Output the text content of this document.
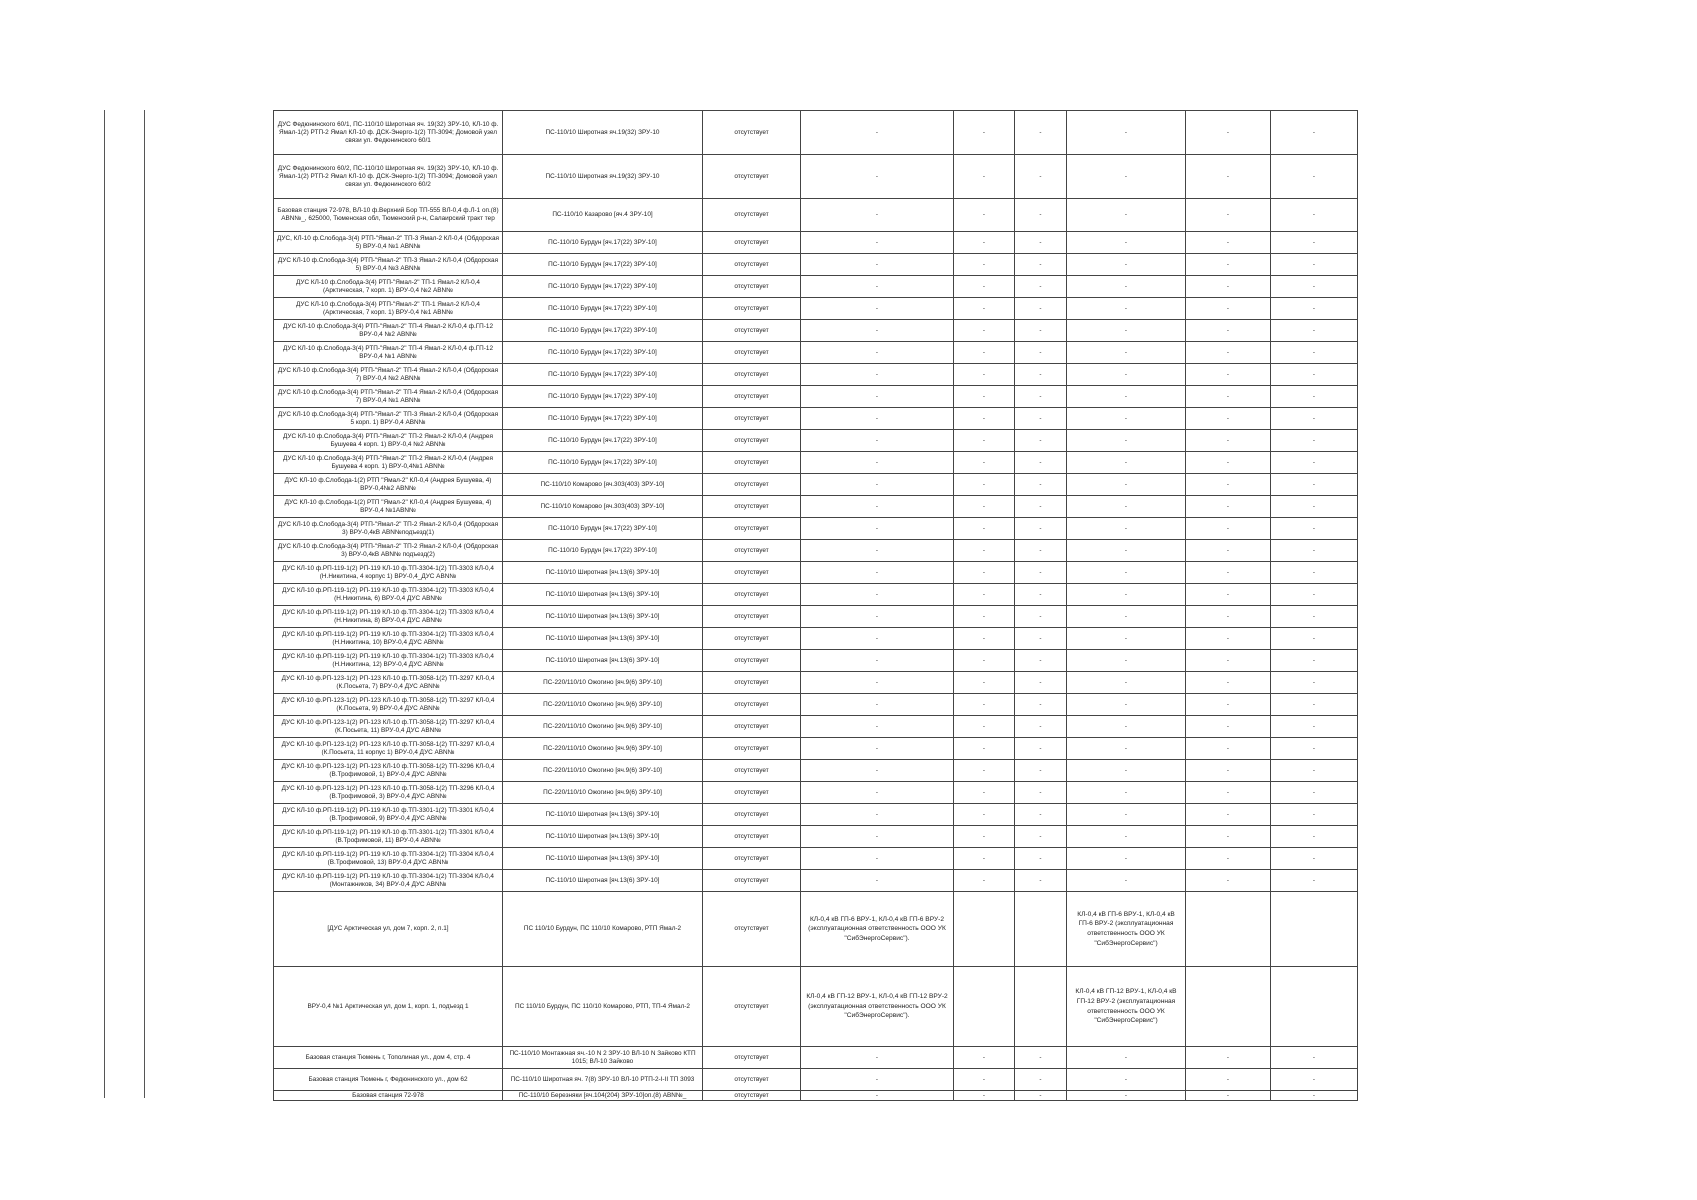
ДУС Федюнинского 60/1, ПС-110/10 Широтная яч. 19(32) ЗРУ-10, КЛ-10 ф. Ямал-1(2) РТП-2 Ямал КЛ-10 ф. ДСК-Энерго-1(2) ТП-3094; Домовой узел связи ул. Федюнинского 60/1	ПС-110/10 Широтная яч.19(32) ЗРУ-10	отсутствует	-	-	-	-	-	-
ДУС Федюнинского 60/2, ПС-110/10 Широтная яч. 19(32) ЗРУ-10, КЛ-10 ф. Ямал-1(2) РТП-2 Ямал КЛ-10 ф. ДСК-Энерго-1(2) ТП-3094; Домовой узел связи ул. Федюнинского 60/2	ПС-110/10 Широтная яч.19(32) ЗРУ-10	отсутствует	-	-	-	-	-	-
Базовая станция 72-978, ВЛ-10 ф.Верхний Бор ТП-555 ВЛ-0,4 ф.Л-1 оп.(8) АВN№_, 625000, Тюменская обл, Тюменский р-н, Салаирский тракт тер	ПС-110/10 Казарово [яч.4 ЗРУ-10]	отсутствует	-	-	-	-	-	-
ДУС, КЛ-10 ф.Слобода-3(4) РТП-"Ямал-2" ТП-3 Ямал-2 КЛ-0,4 (Обдорская 5) ВРУ-0,4 №1 АВN№	ПС-110/10 Бурдун [яч.17(22) ЗРУ-10]	отсутствует	-	-	-	-	-	-
ДУС КЛ-10 ф.Слобода-3(4) РТП-"Ямал-2" ТП-3 Ямал-2 КЛ-0,4 (Обдорская 5) ВРУ-0,4 №3 АВN№	ПС-110/10 Бурдун [яч.17(22) ЗРУ-10]	отсутствует	-	-	-	-	-	-
ДУС КЛ-10 ф.Слобода-3(4) РТП-"Ямал-2" ТП-1 Ямал-2 КЛ-0,4 (Арктическая, 7 корп. 1) ВРУ-0,4 №2 АВN№	ПС-110/10 Бурдун [яч.17(22) ЗРУ-10]	отсутствует	-	-	-	-	-	-
ДУС КЛ-10 ф.Слобода-3(4) РТП-"Ямал-2" ТП-1 Ямал-2 КЛ-0,4 (Арктическая, 7 корп. 1) ВРУ-0,4 №1 АВN№	ПС-110/10 Бурдун [яч.17(22) ЗРУ-10]	отсутствует	-	-	-	-	-	-
ДУС КЛ-10 ф.Слобода-3(4) РТП-"Ямал-2" ТП-4 Ямал-2 КЛ-0,4 ф.ГП-12 ВРУ-0,4 №2 АВN№	ПС-110/10 Бурдун [яч.17(22) ЗРУ-10]	отсутствует	-	-	-	-	-	-
ДУС КЛ-10 ф.Слобода-3(4) РТП-"Ямал-2" ТП-4 Ямал-2 КЛ-0,4 ф.ГП-12 ВРУ-0,4 №1 АВN№	ПС-110/10 Бурдун [яч.17(22) ЗРУ-10]	отсутствует	-	-	-	-	-	-
ДУС КЛ-10 ф.Слобода-3(4) РТП-"Ямал-2" ТП-4 Ямал-2 КЛ-0,4 (Обдорская 7) ВРУ-0,4 №2 АВN№	ПС-110/10 Бурдун [яч.17(22) ЗРУ-10]	отсутствует	-	-	-	-	-	-
ДУС КЛ-10 ф.Слобода-3(4) РТП-"Ямал-2" ТП-4 Ямал-2 КЛ-0,4 (Обдорская 7) ВРУ-0,4 №1 АВN№	ПС-110/10 Бурдун [яч.17(22) ЗРУ-10]	отсутствует	-	-	-	-	-	-
ДУС КЛ-10 ф.Слобода-3(4) РТП-"Ямал-2" ТП-3 Ямал-2 КЛ-0,4 (Обдорская 5 корп. 1) ВРУ-0,4 АВN№	ПС-110/10 Бурдун [яч.17(22) ЗРУ-10]	отсутствует	-	-	-	-	-	-
ДУС КЛ-10 ф.Слобода-3(4) РТП-"Ямал-2" ТП-2 Ямал-2 КЛ-0,4 (Андрея Бушуева 4 корп. 1) ВРУ-0,4 №2 АВN№	ПС-110/10 Бурдун [яч.17(22) ЗРУ-10]	отсутствует	-	-	-	-	-	-
ДУС КЛ-10 ф.Слобода-3(4) РТП-"Ямал-2" ТП-2 Ямал-2 КЛ-0,4 (Андрея Бушуева 4 корп. 1) ВРУ-0,4№1 АВN№	ПС-110/10 Бурдун [яч.17(22) ЗРУ-10]	отсутствует	-	-	-	-	-	-
ДУС КЛ-10 ф.Слобода-1(2) РТП "Ямал-2" КЛ-0,4 (Андрея Бушуева, 4) ВРУ-0,4№2 АВN№	ПС-110/10 Комарово [яч.303(403) ЗРУ-10]	отсутствует	-	-	-	-	-	-
ДУС КЛ-10 ф.Слобода-1(2) РТП "Ямал-2" КЛ-0,4 (Андрея Бушуева, 4) ВРУ-0,4 №1АВN№	ПС-110/10 Комарово [яч.303(403) ЗРУ-10]	отсутствует	-	-	-	-	-	-
ДУС КЛ-10 ф.Слобода-3(4) РТП-"Ямал-2" ТП-2 Ямал-2 КЛ-0,4 (Обдорская 3) ВРУ-0,4кВ АВN№подъезд(1)	ПС-110/10 Бурдун [яч.17(22) ЗРУ-10]	отсутствует	-	-	-	-	-	-
ДУС КЛ-10 ф.Слобода-3(4) РТП-"Ямал-2" ТП-2 Ямал-2 КЛ-0,4 (Обдорская 3) ВРУ-0,4кВ АВN№ подъезд(2)	ПС-110/10 Бурдун [яч.17(22) ЗРУ-10]	отсутствует	-	-	-	-	-	-
ДУС КЛ-10 ф.РП-119-1(2) РП-119 КЛ-10 ф.ТП-3304-1(2) ТП-3303 КЛ-0,4 (Н.Никитина, 4 корпус 1) ВРУ-0,4_ДУС АВN№	ПС-110/10 Широтная [яч.13(6) ЗРУ-10]	отсутствует	-	-	-	-	-	-
ДУС КЛ-10 ф.РП-119-1(2) РП-119 КЛ-10 ф.ТП-3304-1(2) ТП-3303 КЛ-0,4 (Н.Никитина, 6) ВРУ-0,4 ДУС АВN№	ПС-110/10 Широтная [яч.13(6) ЗРУ-10]	отсутствует	-	-	-	-	-	-
ДУС КЛ-10 ф.РП-119-1(2) РП-119 КЛ-10 ф.ТП-3304-1(2) ТП-3303 КЛ-0,4 (Н.Никитина, 8) ВРУ-0,4 ДУС АВN№	ПС-110/10 Широтная [яч.13(6) ЗРУ-10]	отсутствует	-	-	-	-	-	-
ДУС КЛ-10 ф.РП-119-1(2) РП-119 КЛ-10 ф.ТП-3304-1(2) ТП-3303 КЛ-0,4 (Н.Никитина, 10) ВРУ-0,4 ДУС АВN№	ПС-110/10 Широтная [яч.13(6) ЗРУ-10]	отсутствует	-	-	-	-	-	-
ДУС КЛ-10 ф.РП-119-1(2) РП-119 КЛ-10 ф.ТП-3304-1(2) ТП-3303 КЛ-0,4 (Н.Никитина, 12) ВРУ-0,4 ДУС АВN№	ПС-110/10 Широтная [яч.13(6) ЗРУ-10]	отсутствует	-	-	-	-	-	-
ДУС КЛ-10 ф.РП-123-1(2) РП-123 КЛ-10 ф.ТП-3058-1(2) ТП-3297 КЛ-0,4 (К.Посьета, 7) ВРУ-0,4 ДУС АВN№	ПС-220/110/10 Ожогино [яч.9(6) ЗРУ-10]	отсутствует	-	-	-	-	-	-
ДУС КЛ-10 ф.РП-123-1(2) РП-123 КЛ-10 ф.ТП-3058-1(2) ТП-3297 КЛ-0,4 (К.Посьета, 9) ВРУ-0,4 ДУС АВN№	ПС-220/110/10 Ожогино [яч.9(6) ЗРУ-10]	отсутствует	-	-	-	-	-	-
ДУС КЛ-10 ф.РП-123-1(2) РП-123 КЛ-10 ф.ТП-3058-1(2) ТП-3297 КЛ-0,4 (К.Посьета, 11) ВРУ-0,4 ДУС АВN№	ПС-220/110/10 Ожогино [яч.9(6) ЗРУ-10]	отсутствует	-	-	-	-	-	-
ДУС КЛ-10 ф.РП-123-1(2) РП-123 КЛ-10 ф.ТП-3058-1(2) ТП-3297 КЛ-0,4 (К.Посьета, 11 корпус 1) ВРУ-0,4 ДУС АВN№	ПС-220/110/10 Ожогино [яч.9(6) ЗРУ-10]	отсутствует	-	-	-	-	-	-
ДУС КЛ-10 ф.РП-123-1(2) РП-123 КЛ-10 ф.ТП-3058-1(2) ТП-3296 КЛ-0,4 (В.Трофимовой, 1) ВРУ-0,4 ДУС АВN№	ПС-220/110/10 Ожогино [яч.9(6) ЗРУ-10]	отсутствует	-	-	-	-	-	-
ДУС КЛ-10 ф.РП-123-1(2) РП-123 КЛ-10 ф.ТП-3058-1(2) ТП-3296 КЛ-0,4 (В.Трофимовой, 3) ВРУ-0,4 ДУС АВN№	ПС-220/110/10 Ожогино [яч.9(6) ЗРУ-10]	отсутствует	-	-	-	-	-	-
ДУС КЛ-10 ф.РП-119-1(2) РП-119 КЛ-10 ф.ТП-3301-1(2) ТП-3301 КЛ-0,4 (В.Трофимовой, 9) ВРУ-0,4 ДУС АВN№	ПС-110/10 Широтная [яч.13(6) ЗРУ-10]	отсутствует	-	-	-	-	-	-
ДУС КЛ-10 ф.РП-119-1(2) РП-119 КЛ-10 ф.ТП-3301-1(2) ТП-3301 КЛ-0,4 (В.Трофимовой, 11) ВРУ-0,4 АВN№	ПС-110/10 Широтная [яч.13(6) ЗРУ-10]	отсутствует	-	-	-	-	-	-
ДУС КЛ-10 ф.РП-119-1(2) РП-119 КЛ-10 ф.ТП-3304-1(2) ТП-3304 КЛ-0,4 (В.Трофимовой, 13) ВРУ-0,4 ДУС АВN№	ПС-110/10 Широтная [яч.13(6) ЗРУ-10]	отсутствует	-	-	-	-	-	-
ДУС КЛ-10 ф.РП-119-1(2) РП-119 КЛ-10 ф.ТП-3304-1(2) ТП-3304 КЛ-0,4 (Монтажников, 34) ВРУ-0,4 ДУС АВN№	ПС-110/10 Широтная [яч.13(6) ЗРУ-10]	отсутствует	-	-	-	-	-	-
[ДУС Арктическая ул, дом 7, корп. 2, п.1]	ПС 110/10 Бурдун, ПС 110/10 Комарово, РТП Ямал-2	отсутствует	КЛ-0,4 кВ ГП-6 ВРУ-1, КЛ-0,4 кВ ГП-6 ВРУ-2 (эксплуатационная ответственность ООО УК "СибЭнергоСервис").			КЛ-0,4 кВ ГП-6 ВРУ-1, КЛ-0,4 кВ ГП-6 ВРУ-2 (эксплуатационная ответственность ООО УК "СибЭнергоСервис")		
ВРУ-0,4 №1 Арктическая ул, дом 1, корп. 1, подъезд 1	ПС 110/10 Бурдун, ПС 110/10 Комарово, РТП, ТП-4 Ямал-2	отсутствует	КЛ-0,4 кВ ГП-12 ВРУ-1, КЛ-0,4 кВ ГП-12 ВРУ-2 (эксплуатационная ответственность ООО УК "СибЭнергоСервис").			КЛ-0,4 кВ ГП-12 ВРУ-1, КЛ-0,4 кВ ГП-12 ВРУ-2 (эксплуатационная ответственность ООО УК "СибЭнергоСервис")		
Базовая станция Тюмень г, Тополиная ул., дом 4, стр. 4	ПС-110/10 Монтажная яч.-10 N 2 ЗРУ-10 ВЛ-10 N Зайково КТП 1015; ВЛ-10 Зайково	отсутствует	-	-	-	-	-	-
Базовая станция Тюмень г, Федюнинского ул., дом 62	ПС-110/10 Широтная яч. 7(8) ЗРУ-10 ВЛ-10 РТП-2-I-II ТП 3093	отсутствует	-	-	-	-	-	-
Базовая станция 72-978	ПС-110/10 Березняки [яч.104(204) ЗРУ-10]оп.(8) АВN№_	отсутствует	-	-	-	-	-	-
